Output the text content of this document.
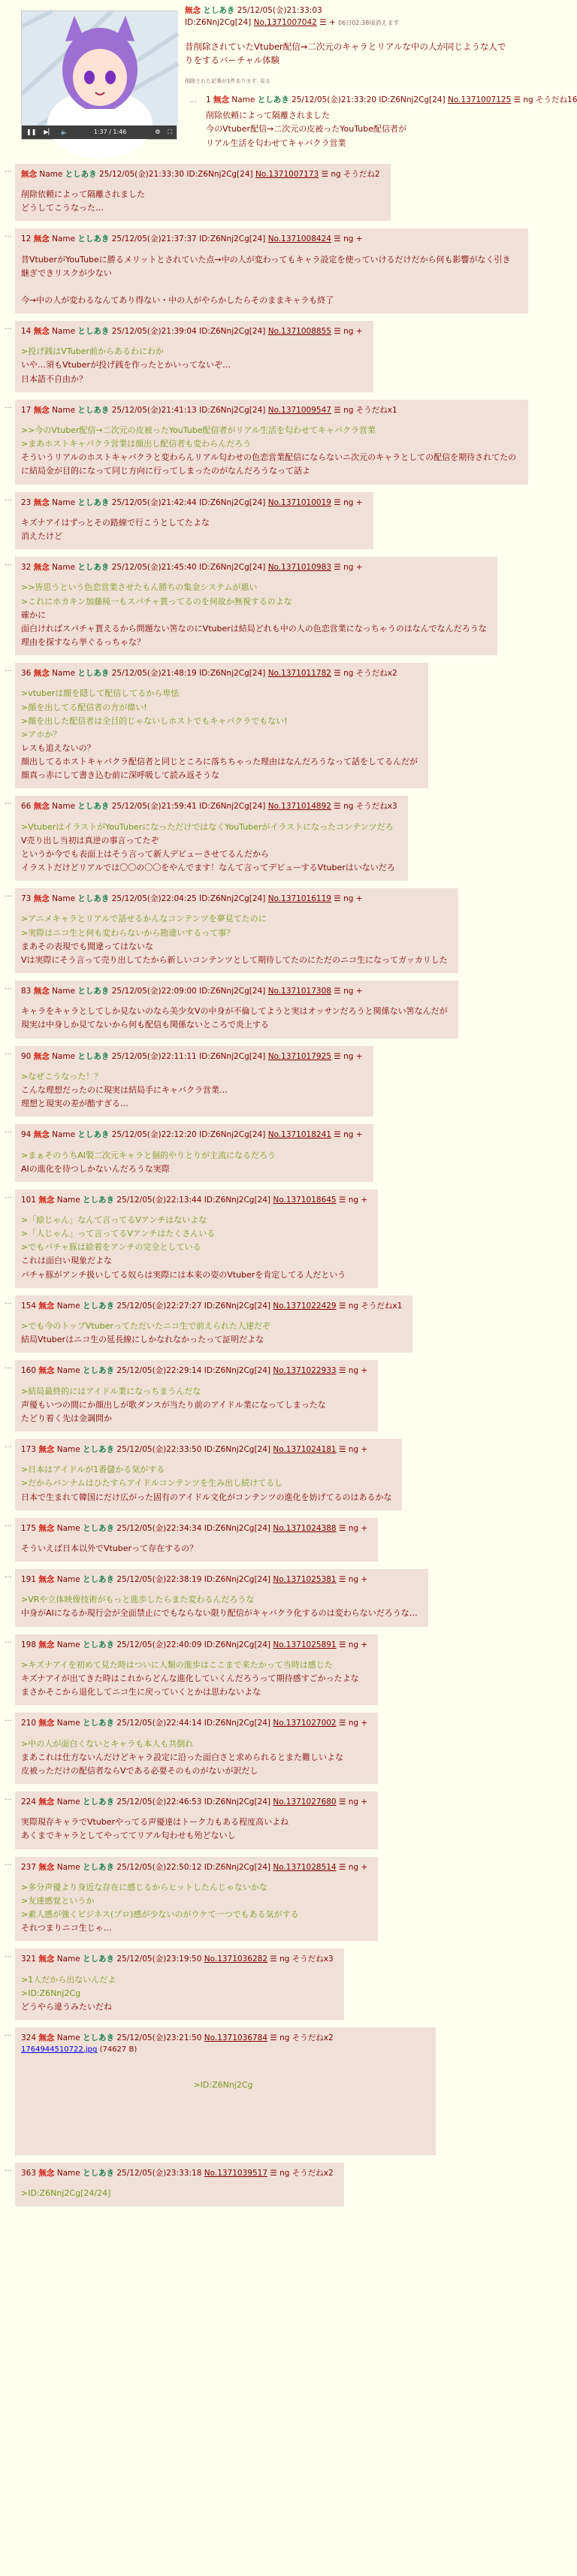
❚❚ ▶▏ 🔈	1:37 / 1:46	⚙ ⛶
無念 としあき 25/12/05(金)21:33:03
ID:Z6Nnj2Cg[24] No.1371007042 ☰ + 06日02:38頃消えます
昔削除されていたVtuber配信→二次元のキャラとリアルな中の人が同じような人で
りをするバーチャル体験
削除された記事が1件あります. 見る
…	1 無念 Name としあき 25/12/05(金)21:33:20 ID:Z6Nnj2Cg[24] No.1371007125 ☰ ng そうだね16
削除依頼によって隔離されました
今のVtuber配信→二次元の皮被ったYouTube配信者が
リアル生活を匂わせてキャバクラ営業
…	無念 Name としあき 25/12/05(金)21:33:30 ID:Z6Nnj2Cg[24] No.1371007173 ☰ ng そうだね2
削除依頼によって隔離されました
どうしてこうなった…
…	12 無念 Name としあき 25/12/05(金)21:37:37 ID:Z6Nnj2Cg[24] No.1371008424 ☰ ng +
昔VtuberがYouTubeに勝るメリットとされていた点→中の人が変わってもキャラ設定を使っていけるだけだから何も影響がなく引き継ぎできリスクが少ない

今→中の人が変わるなんてあり得ない・中の人がやらかしたらそのままキャラも終了
…	14 無念 Name としあき 25/12/05(金)21:39:04 ID:Z6Nnj2Cg[24] No.1371008855 ☰ ng +
>投げ銭はVTuber前からあるわにわか
いや…須もVtuberが投げ銭を作ったとかいってないぞ…
日本語不自由か？
…	17 無念 Name としあき 25/12/05(金)21:41:13 ID:Z6Nnj2Cg[24] No.1371009547 ☰ ng そうだねx1
>>今のVtuber配信→二次元の皮被ったYouTube配信者がリアル生活を匂わせてキャバクラ営業
>まあホストキャバクラ営業は顔出し配信者も変わらんだろう
そういうリアルのホストキャバクラと変わらんリアル匂わせの色恋営業配信にならないニ次元のキャラとしての配信を期待されてたのに結局金が目的になって同じ方向に行ってしまったのがなんだろうなって話よ
…	23 無念 Name としあき 25/12/05(金)21:42:44 ID:Z6Nnj2Cg[24] No.1371010019 ☰ ng +
キズナアイはずっとその路線で行こうとしてたよな
消えたけど
…	32 無念 Name としあき 25/12/05(金)21:45:40 ID:Z6Nnj2Cg[24] No.1371010983 ☰ ng +
>>皆思うという色恋営業させたもん勝ちの集金システムが悪い
>これにホカキン加藤純一もスパチャ貰ってるのを何故か無視するのよな
確かに
面白ければスパチャ貰えるから問題ない筈なのにVtuberは結局どれも中の人の色恋営業になっちゃうのはなんでなんだろうな
理由を探すなら挙ぐるっちゃな？
…	36 無念 Name としあき 25/12/05(金)21:48:19 ID:Z6Nnj2Cg[24] No.1371011782 ☰ ng そうだねx2
>vtuberは顔を隠して配信してるから卑怯
>顔を出してる配信者の方が偉い!
>顔を出した配信者は全目的じゃないしホストでもキャバクラでもない!
>アホか？
レスも追えないの？
顔出してるホストキャバクラ配信者と同じところに落ちちゃった理由はなんだろうなって話をしてるんだが
顔真っ赤にして書き込む前に深呼吸して読み返そうな
…	66 無念 Name としあき 25/12/05(金)21:59:41 ID:Z6Nnj2Cg[24] No.1371014892 ☰ ng そうだねx3
>VtuberはイラストがYouTuberになっただけではなくYouTuberがイラストになったコンテンツだろ
V売り出し当初は真逆の事言ってたぞ
というか今でも表面上はそう言って新人デビューさせてるんだから
イラストだけどリアルでは〇〇の〇〇をやんでます！なんて言ってデビューするVtuberはいないだろ
…	73 無念 Name としあき 25/12/05(金)22:04:25 ID:Z6Nnj2Cg[24] No.1371016119 ☰ ng +
>アニメキャラとリアルで話せるかんなコンテンツを夢見てたのに
>実際はニコ生と何も変わらないから勘違いするって事？
まあその表現でも間違ってはないな
Vは実際にそう言って売り出してたから新しいコンテンツとして期待してたのにただのニコ生になってガッカリした
…	83 無念 Name としあき 25/12/05(金)22:09:00 ID:Z6Nnj2Cg[24] No.1371017308 ☰ ng +
キャラをキャラとしてしか見ないのなら美少女Vの中身が不倫してようと実はオッサンだろうと関係ない筈なんだが
現実は中身しか見てないから何も配信も関係ないところで炎上する
…	90 無念 Name としあき 25/12/05(金)22:11:11 ID:Z6Nnj2Cg[24] No.1371017925 ☰ ng +
>なぜこうなった！？
こんな理想だったのに現実は結局手にキャバクラ営業…
理想と現実の差が酷すぎる…
…	94 無念 Name としあき 25/12/05(金)22:12:20 ID:Z6Nnj2Cg[24] No.1371018241 ☰ ng +
>まぁそのうちAI製二次元キャラと個的やりとりが主流になるだろう
AIの進化を待つしかないんだろうな実際
…	101 無念 Name としあき 25/12/05(金)22:13:44 ID:Z6Nnj2Cg[24] No.1371018645 ☰ ng +
>「絵じゃん」なんて言ってるVアンチはないよな
>「人じゃん」って言ってるVアンチはたくさんいる
>でもバチャ豚は絵着をアンチの完全としている
これは面白い現象だよな
バチャ豚がアンチ扱いしてる奴らは実際には本来の姿のVtuberを肯定してる人だという
…	154 無念 Name としあき 25/12/05(金)22:27:27 ID:Z6Nnj2Cg[24] No.1371022429 ☰ ng そうだねx1
>でも今のトップVtuberってただいたニコ生で前えられた人達だぞ
結局Vtuberはニコ生の延長線にしかなれなかったって証明だよな
…	160 無念 Name としあき 25/12/05(金)22:29:14 ID:Z6Nnj2Cg[24] No.1371022933 ☰ ng +
>結局最終的にはアイドル業になっちまうんだな
声優もいつの間にか顔出しが歌ダンスが当たり前のアイドル業になってしまったな
たどり着く先は金調問か
…	173 無念 Name としあき 25/12/05(金)22:33:50 ID:Z6Nnj2Cg[24] No.1371024181 ☰ ng +
>日本はアイドルが1番儲かる気がする
>だからバンナムはひたすらアイドルコンテンツを生み出し続けてるし
日本で生まれて韓国にだけ広がった固有のアイドル文化がコンテンツの進化を妨げてるのはあるかな
…	175 無念 Name としあき 25/12/05(金)22:34:34 ID:Z6Nnj2Cg[24] No.1371024388 ☰ ng +
そういえば日本以外でVtuberって存在するの？
…	191 無念 Name としあき 25/12/05(金)22:38:19 ID:Z6Nnj2Cg[24] No.1371025381 ☰ ng +
>VRや立体映像技術がもっと進歩したらまた変わるんだろうな
中身がAIになるか現行会が全面禁止にでもならない限り配信がキャバクラ化するのは変わらないだろうな…
…	198 無念 Name としあき 25/12/05(金)22:40:09 ID:Z6Nnj2Cg[24] No.1371025891 ☰ ng +
>キズナアイを初めて見た時はついに人類の進歩はここまで来たかって当時は感じた
キズナアイが出てきた時はこれからどんな進化していくんだろうって期待感すごかったよな
まさかそこから退化してニコ生に戻っていくとかは思わないよな
…	210 無念 Name としあき 25/12/05(金)22:44:14 ID:Z6Nnj2Cg[24] No.1371027002 ☰ ng +
>中の人が面白くないとキャラも本人も共倒れ
まあこれは仕方ないんだけどキャラ設定に沿った面白さと求められるとまた難しいよな
皮被っただけの配信者ならVである必要そのものがないが訳だし
…	224 無念 Name としあき 25/12/05(金)22:46:53 ID:Z6Nnj2Cg[24] No.1371027680 ☰ ng +
実際現存キャラでVtuberやってる声優達はトーク力もある程度高いよね
あくまでキャラとしてやっててリアル匂わせも殆どないし
…	237 無念 Name としあき 25/12/05(金)22:50:12 ID:Z6Nnj2Cg[24] No.1371028514 ☰ ng +
>多分声優より身近な存在に感じるからヒットしたんじゃないかな
>友達感覚というか
>素人感が強くビジネス(プロ)感が少ないのがウケて一つでもある気がする
それつまりニコ生じゃ…
…	321 無念 Name としあき 25/12/05(金)23:19:50 No.1371036282 ☰ ng そうだねx3
>1人だから出ないんだよ
>ID:Z6Nnj2Cg
どうやら違うみたいだね
…	324 無念 Name としあき 25/12/05(金)23:21:50 No.1371036784 ☰ ng そうだねx2
1764944510722.jpg (74627 B)
>ID:Z6Nnj2Cg
…	363 無念 Name としあき 25/12/05(金)23:33:18 No.1371039517 ☰ ng そうだねx2
>ID:Z6Nnj2Cg[24/24]
